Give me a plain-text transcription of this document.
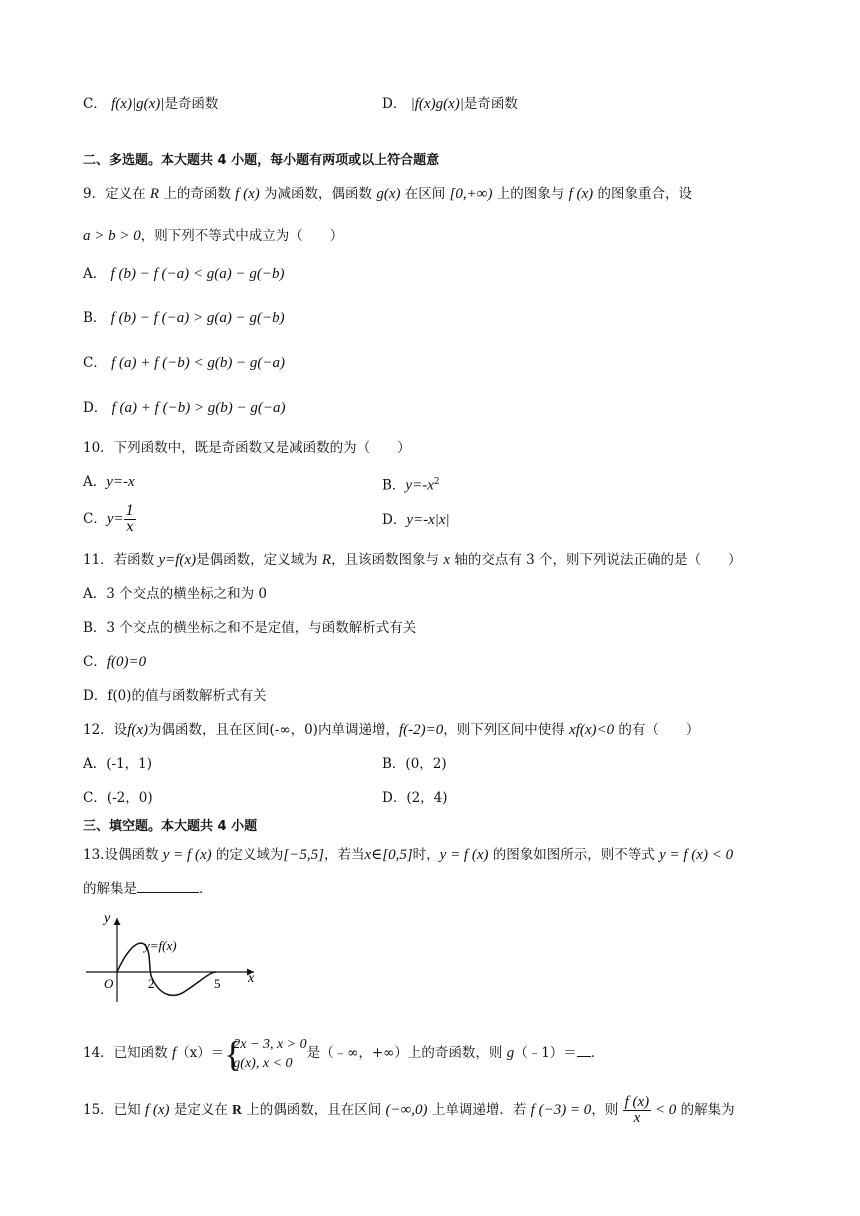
C． f(x)|g(x)|是奇函数	D． |f(x)g(x)|是奇函数
二、多选题。本大题共 4 小题，每小题有两项或以上符合题意
9．定义在 R 上的奇函数 f (x) 为减函数，偶函数 g(x) 在区间 [0,+∞) 上的图象与 f (x) 的图象重合，设
a > b > 0，则下列不等式中成立为（　　）
A． f (b) − f (−a) < g(a) − g(−b)
B． f (b) − f (−a) > g(a) − g(−b)
C． f (a) + f (−b) < g(b) − g(−a)
D． f (a) + f (−b) > g(b) − g(−a)
10．下列函数中，既是奇函数又是减函数的为（　　）
A．y=-x	B．$y=-x^2$
C．$y= \frac{1}{x}$	D．y=-x|x|
11．若函数 y=f(x)是偶函数，定义域为 R，且该函数图象与 x 轴的交点有 3 个，则下列说法正确的是（　　）
A．3 个交点的横坐标之和为 0
B．3 个交点的横坐标之和不是定值，与函数解析式有关
C．f(0)=0
D．f(0)的值与函数解析式有关
12．设f(x)为偶函数，且在区间(-∞，0)内单调递增，f(-2)=0，则下列区间中使得 xf(x)<0 的有（　　）
A．(-1，1)	B．(0，2)
C．(-2，0)	D．(2，4)
三、填空题。本大题共 4 小题
13.设偶函数 y = f (x) 的定义域为[−5,5]，若当x∈[0,5]时，y = f (x) 的图象如图所示，则不等式 y = f (x) < 0
的解集是	．
y
x
O	2	5
y=f(x)
14．已知函数 f（x）＝ {
2x − 3, x > 0
g(x), x < 0
是（﹣∞，+∞）上的奇函数，则 g（﹣1）＝ ．
15．已知 f (x) 是定义在 R 上的偶函数，且在区间 (−∞,0) 上单调递增．若 f (−3) = 0，则 $\frac{f (x)}{x} < 0$ 的解集为
